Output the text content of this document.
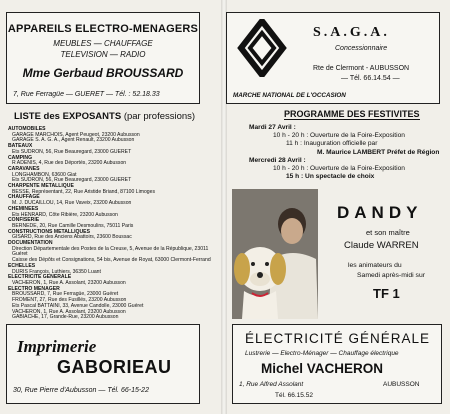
APPAREILS ELECTRO-MENAGERS
MEUBLES — CHAUFFAGE
TELEVISION — RADIO
Mme Gerbaud BROUSSARD
7, Rue Ferragüe — GUERET — Tél. : 52.18.33
LISTE des EXPOSANTS (par professions)
AUTOMOBILES
GARAGE MARCHOIS, Agent Peugeot, 23200 Aubusson
GARAGE S. A. G. A., Agent Renault, 23200 Aubusson
BATEAUX
Ets SUDRON, 56, Rue Beauregard, 23000 GUERET
CAMPING
R ADENIS, 4, Rue des Déportés, 23200 Aubusson
CARAVANES
LONGHAMBON, 63600 Giat
Ets SUDRON, 56, Rue Beauregard, 23000 GUERET
CHARPENTE METALLIQUE
BESSE, Représentant, 22, Rue Aristide Briand, 87100 Limoges
CHAUFFAGE
M. J. DUCAILLOU, 14, Rue Vaveix, 23200 Aubusson
CHEMINEES
Ets HENRARD, Côte Ribière, 23200 Aubusson
CONFISERIE
BERNEDE, 20, Rue Camille Desmoulins, 75011 Paris
CONSTRUCTIONS METALLIQUES
GISARD, Rue des Anciens Abattoirs, 23600 Boussac
DOCUMENTATION
Direction Départementale des Postes de la Creuse, 5, Avenue de la République, 23011 Guéret
Caisse des Dépôts et Consignations, 54 bis, Avenue de Royat, 63000 Clermont-Ferrand
ECHELLES
DURIS François, Luthiers, 36350 Luant
ELECTRICITE GENERALE
VACHERON, 1, Rue A. Assolant, 23200 Aubusson
ELECTRO MENAGER
BROUSSARD, 7, Rue Ferragüe, 23000 Guéret
FROMENT, 27, Rue des Fusillés, 23200 Aubusson
Ets Pascal BATTAINI, 33, Avenue Candolle, 23000 Guéret
VACHERON, 1, Rue A. Assolant, 23200 Aubusson
GABIACHE, 17, Grande-Rue, 23200 Aubusson
Imprimerie
GABORIEAU
30, Rue Pierre d'Aubusson — Tél. 66-15-22
S.A.G.A.
Concessionnaire
Rte de Clermont - AUBUSSON
— Tél. 66.14.54 —
MARCHE NATIONAL DE L'OCCASION
PROGRAMME DES FESTIVITES
Mardi 27 Avril :
10 h - 20 h : Ouverture de la Foire-Exposition
11 h : Inauguration officielle par
M. Maurice LAMBERT Préfet de Région
Mercredi 28 Avril :
10 h - 20 h : Ouverture de la Foire-Exposition
15 h : Un spectacle de choix
DANDY
et son maître
Claude WARREN
les animateurs du
Samedi après-midi sur
TF 1
ÉLECTRICITÉ GÉNÉRALE
Lustrerie — Electro-Ménager — Chauffage électrique
Michel VACHERON
1, Rue Alfred Assolant	AUBUSSON
Tél. 66.15.52
